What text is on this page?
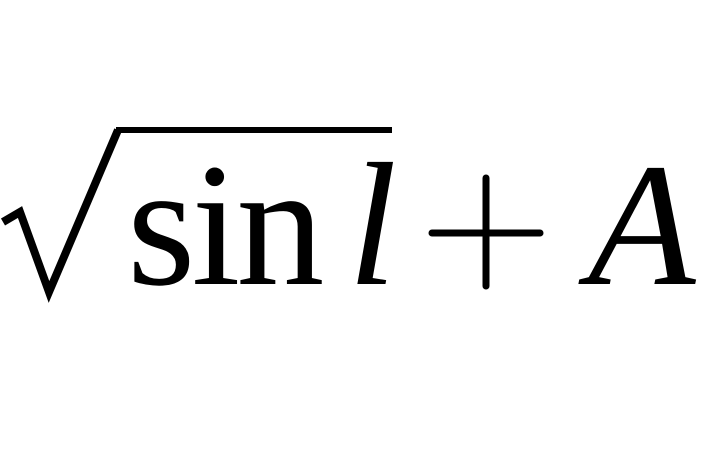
sin l A
